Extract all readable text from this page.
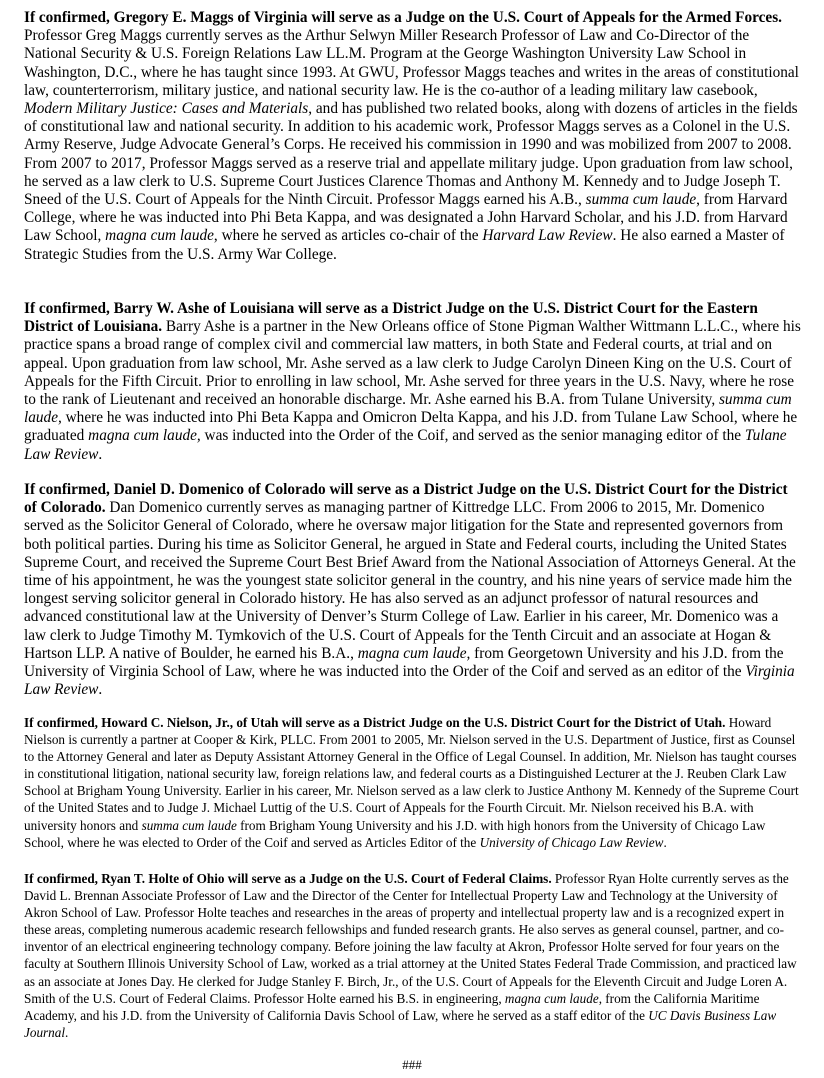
If confirmed, Gregory E. Maggs of Virginia will serve as a Judge on the U.S. Court of Appeals for the Armed Forces. Professor Greg Maggs currently serves as the Arthur Selwyn Miller Research Professor of Law and Co-Director of the National Security & U.S. Foreign Relations Law LL.M. Program at the George Washington University Law School in Washington, D.C., where he has taught since 1993. At GWU, Professor Maggs teaches and writes in the areas of constitutional law, counterterrorism, military justice, and national security law. He is the co-author of a leading military law casebook, Modern Military Justice: Cases and Materials, and has published two related books, along with dozens of articles in the fields of constitutional law and national security. In addition to his academic work, Professor Maggs serves as a Colonel in the U.S. Army Reserve, Judge Advocate General’s Corps. He received his commission in 1990 and was mobilized from 2007 to 2008. From 2007 to 2017, Professor Maggs served as a reserve trial and appellate military judge. Upon graduation from law school, he served as a law clerk to U.S. Supreme Court Justices Clarence Thomas and Anthony M. Kennedy and to Judge Joseph T. Sneed of the U.S. Court of Appeals for the Ninth Circuit. Professor Maggs earned his A.B., summa cum laude, from Harvard College, where he was inducted into Phi Beta Kappa, and was designated a John Harvard Scholar, and his J.D. from Harvard Law School, magna cum laude, where he served as articles co-chair of the Harvard Law Review. He also earned a Master of Strategic Studies from the U.S. Army War College.

If confirmed, Barry W. Ashe of Louisiana will serve as a District Judge on the U.S. District Court for the Eastern District of Louisiana. Barry Ashe is a partner in the New Orleans office of Stone Pigman Walther Wittmann L.L.C., where his practice spans a broad range of complex civil and commercial law matters, in both State and Federal courts, at trial and on appeal. Upon graduation from law school, Mr. Ashe served as a law clerk to Judge Carolyn Dineen King on the U.S. Court of Appeals for the Fifth Circuit. Prior to enrolling in law school, Mr. Ashe served for three years in the U.S. Navy, where he rose to the rank of Lieutenant and received an honorable discharge. Mr. Ashe earned his B.A. from Tulane University, summa cum laude, where he was inducted into Phi Beta Kappa and Omicron Delta Kappa, and his J.D. from Tulane Law School, where he graduated magna cum laude, was inducted into the Order of the Coif, and served as the senior managing editor of the Tulane Law Review.

If confirmed, Daniel D. Domenico of Colorado will serve as a District Judge on the U.S. District Court for the District of Colorado. Dan Domenico currently serves as managing partner of Kittredge LLC. From 2006 to 2015, Mr. Domenico served as the Solicitor General of Colorado, where he oversaw major litigation for the State and represented governors from both political parties. During his time as Solicitor General, he argued in State and Federal courts, including the United States Supreme Court, and received the Supreme Court Best Brief Award from the National Association of Attorneys General. At the time of his appointment, he was the youngest state solicitor general in the country, and his nine years of service made him the longest serving solicitor general in Colorado history. He has also served as an adjunct professor of natural resources and advanced constitutional law at the University of Denver’s Sturm College of Law. Earlier in his career, Mr. Domenico was a law clerk to Judge Timothy M. Tymkovich of the U.S. Court of Appeals for the Tenth Circuit and an associate at Hogan & Hartson LLP. A native of Boulder, he earned his B.A., magna cum laude, from Georgetown University and his J.D. from the University of Virginia School of Law, where he was inducted into the Order of the Coif and served as an editor of the Virginia Law Review.

If confirmed, Howard C. Nielson, Jr., of Utah will serve as a District Judge on the U.S. District Court for the District of Utah. Howard Nielson is currently a partner at Cooper & Kirk, PLLC. From 2001 to 2005, Mr. Nielson served in the U.S. Department of Justice, first as Counsel to the Attorney General and later as Deputy Assistant Attorney General in the Office of Legal Counsel. In addition, Mr. Nielson has taught courses in constitutional litigation, national security law, foreign relations law, and federal courts as a Distinguished Lecturer at the J. Reuben Clark Law School at Brigham Young University. Earlier in his career, Mr. Nielson served as a law clerk to Justice Anthony M. Kennedy of the Supreme Court of the United States and to Judge J. Michael Luttig of the U.S. Court of Appeals for the Fourth Circuit. Mr. Nielson received his B.A. with university honors and summa cum laude from Brigham Young University and his J.D. with high honors from the University of Chicago Law School, where he was elected to Order of the Coif and served as Articles Editor of the University of Chicago Law Review.

If confirmed, Ryan T. Holte of Ohio will serve as a Judge on the U.S. Court of Federal Claims. Professor Ryan Holte currently serves as the David L. Brennan Associate Professor of Law and the Director of the Center for Intellectual Property Law and Technology at the University of Akron School of Law. Professor Holte teaches and researches in the areas of property and intellectual property law and is a recognized expert in these areas, completing numerous academic research fellowships and funded research grants. He also serves as general counsel, partner, and co-inventor of an electrical engineering technology company. Before joining the law faculty at Akron, Professor Holte served for four years on the faculty at Southern Illinois University School of Law, worked as a trial attorney at the United States Federal Trade Commission, and practiced law as an associate at Jones Day. He clerked for Judge Stanley F. Birch, Jr., of the U.S. Court of Appeals for the Eleventh Circuit and Judge Loren A. Smith of the U.S. Court of Federal Claims. Professor Holte earned his B.S. in engineering, magna cum laude, from the California Maritime Academy, and his J.D. from the University of California Davis School of Law, where he served as a staff editor of the UC Davis Business Law Journal.

###
